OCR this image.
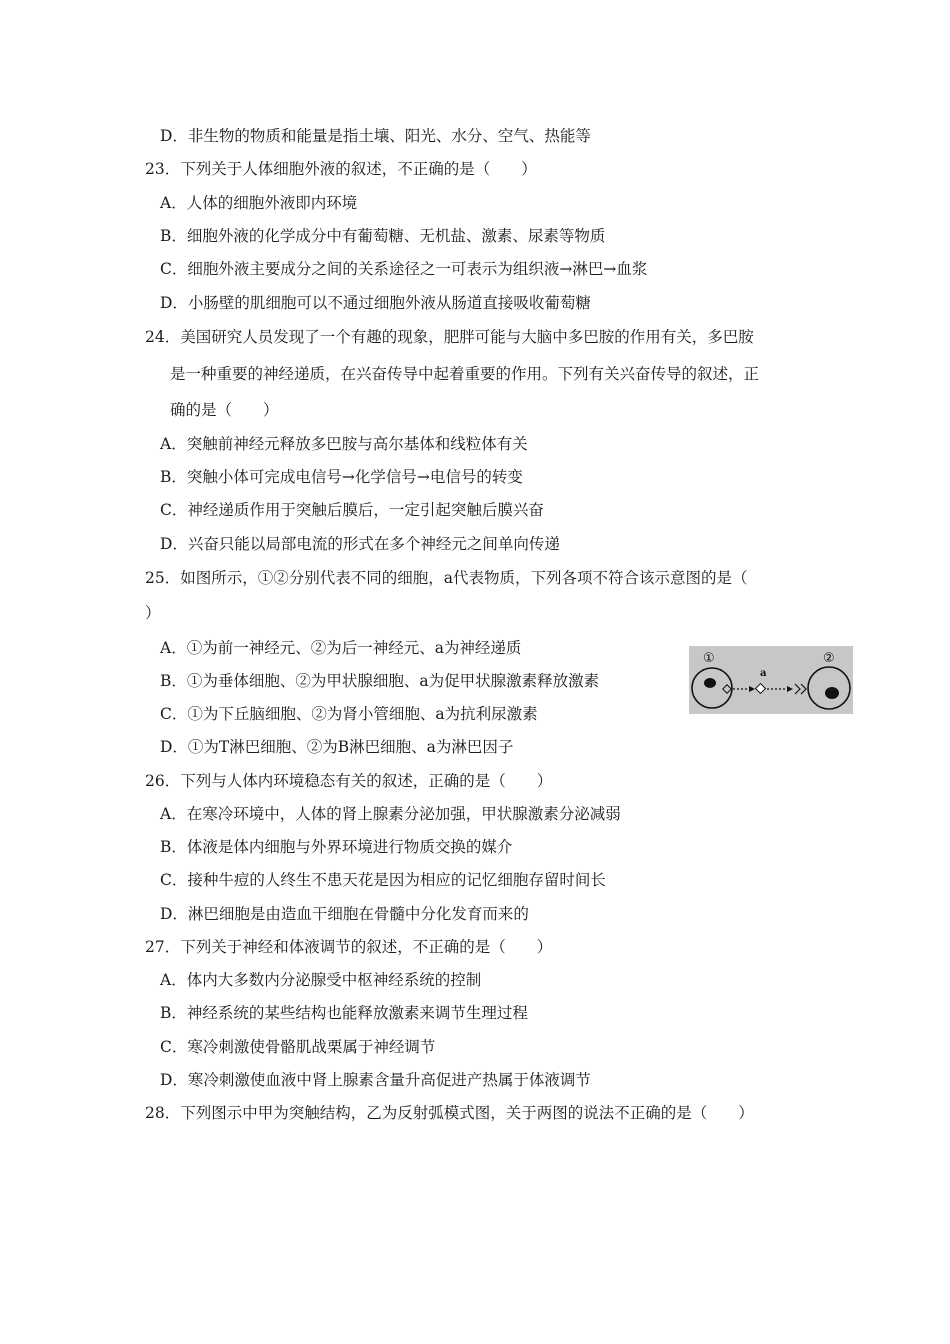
D．非生物的物质和能量是指土壤、阳光、水分、空气、热能等
23．下列关于人体细胞外液的叙述，不正确的是（　　）
A．人体的细胞外液即内环境
B．细胞外液的化学成分中有葡萄糖、无机盐、激素、尿素等物质
C．细胞外液主要成分之间的关系途径之一可表示为组织液→淋巴→血浆
D．小肠壁的肌细胞可以不通过细胞外液从肠道直接吸收葡萄糖
24．美国研究人员发现了一个有趣的现象，肥胖可能与大脑中多巴胺的作用有关，多巴胺
是一种重要的神经递质，在兴奋传导中起着重要的作用。下列有关兴奋传导的叙述，正
确的是（　　）
A．突触前神经元释放多巴胺与高尔基体和线粒体有关
B．突触小体可完成电信号→化学信号→电信号的转变
C．神经递质作用于突触后膜后，一定引起突触后膜兴奋
D．兴奋只能以局部电流的形式在多个神经元之间单向传递
25．如图所示，①②分别代表不同的细胞，a代表物质，下列各项不符合该示意图的是（
）
A．①为前一神经元、②为后一神经元、a为神经递质
B．①为垂体细胞、②为甲状腺细胞、a为促甲状腺激素释放激素
C．①为下丘脑细胞、②为肾小管细胞、a为抗利尿激素
D．①为T淋巴细胞、②为B淋巴细胞、a为淋巴因子
①
a
②
26．下列与人体内环境稳态有关的叙述，正确的是（　　）
A．在寒冷环境中，人体的肾上腺素分泌加强，甲状腺激素分泌减弱
B．体液是体内细胞与外界环境进行物质交换的媒介
C．接种牛痘的人终生不患天花是因为相应的记忆细胞存留时间长
D．淋巴细胞是由造血干细胞在骨髓中分化发育而来的
27．下列关于神经和体液调节的叙述，不正确的是（　　）
A．体内大多数内分泌腺受中枢神经系统的控制
B．神经系统的某些结构也能释放激素来调节生理过程
C．寒冷刺激使骨骼肌战栗属于神经调节
D．寒冷刺激使血液中肾上腺素含量升高促进产热属于体液调节
28．下列图示中甲为突触结构，乙为反射弧模式图，关于两图的说法不正确的是（　　）
